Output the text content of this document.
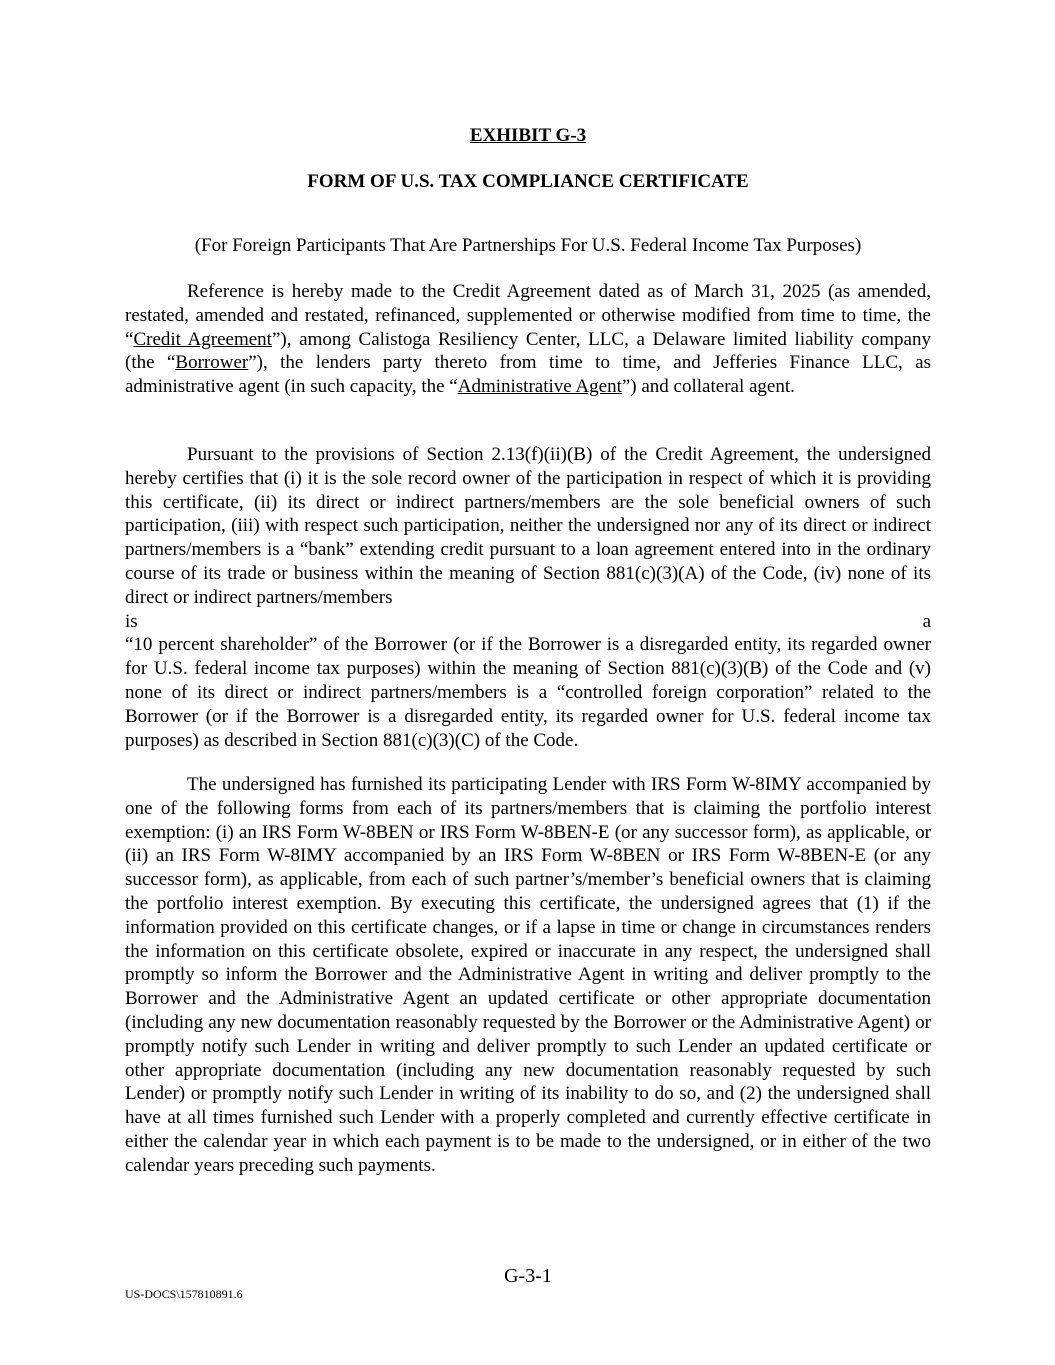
EXHIBIT G-3
FORM OF U.S. TAX COMPLIANCE CERTIFICATE
(For Foreign Participants That Are Partnerships For U.S. Federal Income Tax Purposes)

Reference is hereby made to the Credit Agreement dated as of March 31, 2025 (as amended, restated, amended and restated, refinanced, supplemented or otherwise modified from time to time, the “Credit Agreement”), among Calistoga Resiliency Center, LLC, a Delaware limited liability company (the “Borrower”), the lenders party thereto from time to time, and Jefferies Finance LLC, as administrative agent (in such capacity, the “Administrative Agent”) and collateral agent.

Pursuant to the provisions of Section 2.13(f)(ii)(B) of the Credit Agreement, the undersigned hereby certifies that (i) it is the sole record owner of the participation in respect of which it is providing this certificate, (ii) its direct or indirect partners/members are the sole beneficial owners of such participation, (iii) with respect such participation, neither the undersigned nor any of its direct or indirect partners/members is a “bank” extending credit pursuant to a loan agreement entered into in the ordinary course of its trade or business within the meaning of Section 881(c)(3)(A) of the Code, (iv) none of its direct or indirect partners/members
is	a
“10 percent shareholder” of the Borrower (or if the Borrower is a disregarded entity, its regarded owner for U.S. federal income tax purposes) within the meaning of Section 881(c)(3)(B) of the Code and (v) none of its direct or indirect partners/members is a “controlled foreign corporation” related to the Borrower (or if the Borrower is a disregarded entity, its regarded owner for U.S. federal income tax purposes) as described in Section 881(c)(3)(C) of the Code.

The undersigned has furnished its participating Lender with IRS Form W-8IMY accompanied by one of the following forms from each of its partners/members that is claiming the portfolio interest exemption: (i) an IRS Form W-8BEN or IRS Form W-8BEN-E (or any successor form), as applicable, or (ii) an IRS Form W-8IMY accompanied by an IRS Form W-8BEN or IRS Form W-8BEN-E (or any successor form), as applicable, from each of such partner’s/member’s beneficial owners that is claiming the portfolio interest exemption. By executing this certificate, the undersigned agrees that (1) if the information provided on this certificate changes, or if a lapse in time or change in circumstances renders the information on this certificate obsolete, expired or inaccurate in any respect, the undersigned shall promptly so inform the Borrower and the Administrative Agent in writing and deliver promptly to the Borrower and the Administrative Agent an updated certificate or other appropriate documentation (including any new documentation reasonably requested by the Borrower or the Administrative Agent) or promptly notify such Lender in writing and deliver promptly to such Lender an updated certificate or other appropriate documentation (including any new documentation reasonably requested by such Lender) or promptly notify such Lender in writing of its inability to do so, and (2) the undersigned shall have at all times furnished such Lender with a properly completed and currently effective certificate in either the calendar year in which each payment is to be made to the undersigned, or in either of the two calendar years preceding such payments.

G-3-1
US-DOCS\157810891.6
